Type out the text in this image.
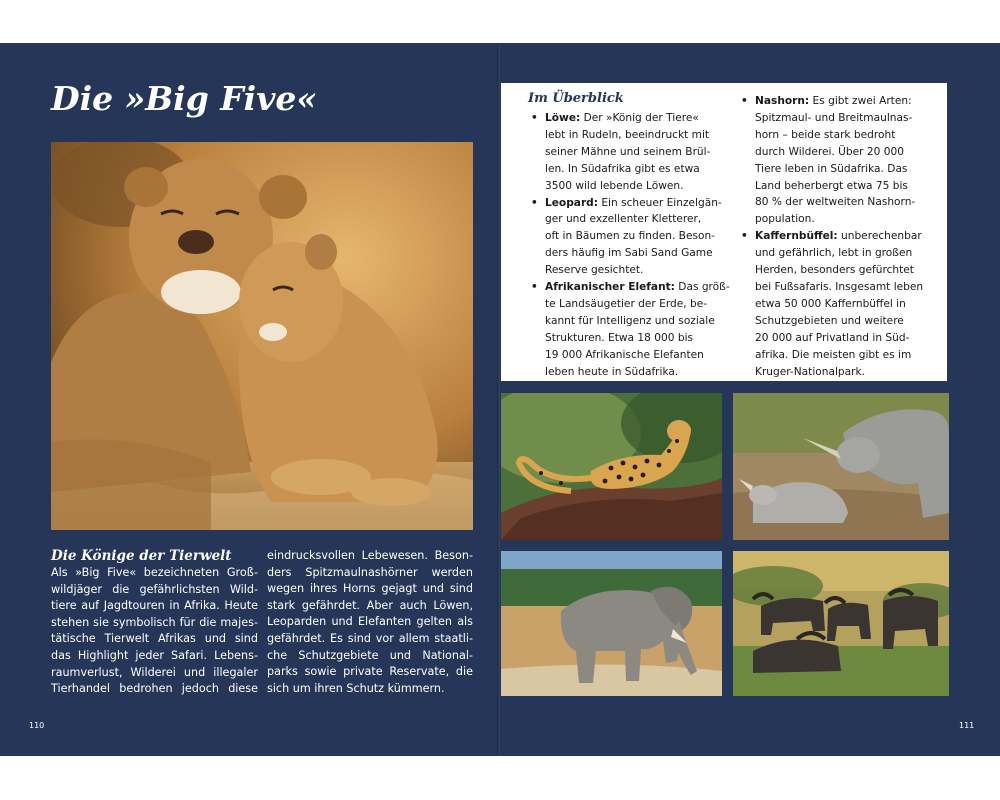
Die »Big Five«
Die Könige der Tierwelt

Als »Big Five« bezeichneten Groß-
wildjäger die gefährlichsten Wild-
tiere auf Jagdtouren in Afrika. Heute
stehen sie symbolisch für die majes-
tätische Tierwelt Afrikas und sind
das Highlight jeder Safari. Lebens-
raumverlust, Wilderei und illegaler
Tierhandel bedrohen jedoch diese

eindrucksvollen Lebewesen. Beson-
ders Spitzmaulnashörner werden
wegen ihres Horns gejagt und sind
stark gefährdet. Aber auch Löwen,
Leoparden und Elefanten gelten als
gefährdet. Es sind vor allem staatli-
che Schutzgebiete und National-
parks sowie private Reservate, die
sich um ihren Schutz kümmern.

110
Im Überblick
• Löwe: Der »König der Tiere«
lebt in Rudeln, beeindruckt mit
seiner Mähne und seinem Brül-
len. In Südafrika gibt es etwa
3500 wild lebende Löwen.
• Leopard: Ein scheuer Einzelgän-
ger und exzellenter Kletterer,
oft in Bäumen zu finden. Beson-
ders häufig im Sabi Sand Game
Reserve gesichtet.
• Afrikanischer Elefant: Das größ-
te Landsäugetier der Erde, be-
kannt für Intelligenz und soziale
Strukturen. Etwa 18 000 bis
19 000 Afrikanische Elefanten
leben heute in Südafrika.
• Nashorn: Es gibt zwei Arten:
Spitzmaul- und Breitmaulnas-
horn – beide stark bedroht
durch Wilderei. Über 20 000
Tiere leben in Südafrika. Das
Land beherbergt etwa 75 bis
80 % der weltweiten Nashorn-
population.
• Kaffernbüffel: unberechenbar
und gefährlich, lebt in großen
Herden, besonders gefürchtet
bei Fußsafaris. Insgesamt leben
etwa 50 000 Kaffernbüffel in
Schutzgebieten und weitere
20 000 auf Privatland in Süd-
afrika. Die meisten gibt es im
Kruger-Nationalpark.
111
